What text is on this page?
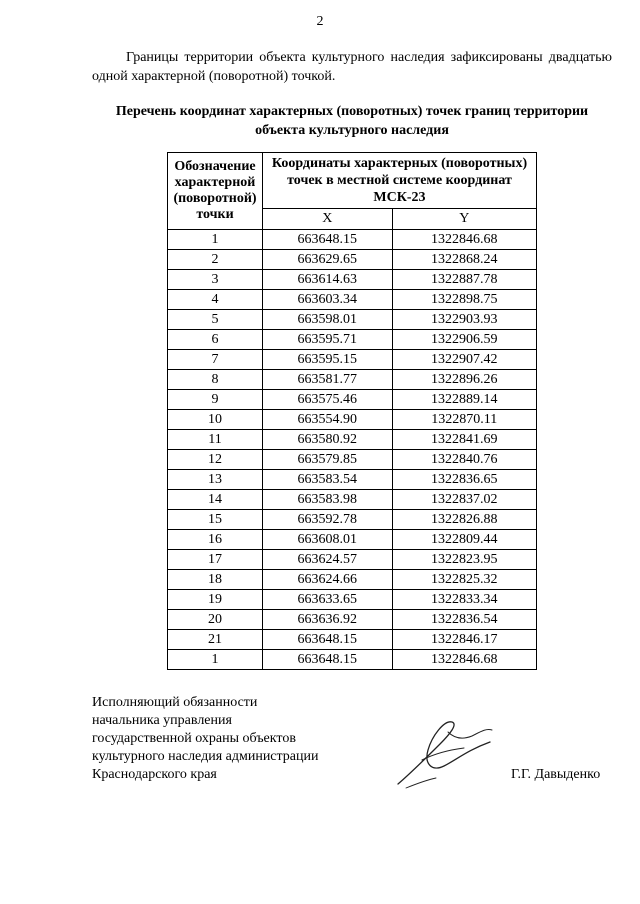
2

Границы территории объекта культурного наследия зафиксированы двадцатью одной характерной (поворотной) точкой.

Перечень координат характерных (поворотных) точек границ территории объекта культурного наследия

Обозначение характерной (поворотной) точки	Координаты характерных (поворотных) точек в местной системе координат МСК-23	
	X	Y
1	663648.15	1322846.68
2	663629.65	1322868.24
3	663614.63	1322887.78
4	663603.34	1322898.75
5	663598.01	1322903.93
6	663595.71	1322906.59
7	663595.15	1322907.42
8	663581.77	1322896.26
9	663575.46	1322889.14
10	663554.90	1322870.11
11	663580.92	1322841.69
12	663579.85	1322840.76
13	663583.54	1322836.65
14	663583.98	1322837.02
15	663592.78	1322826.88
16	663608.01	1322809.44
17	663624.57	1322823.95
18	663624.66	1322825.32
19	663633.65	1322833.34
20	663636.92	1322836.54
21	663648.15	1322846.17
1	663648.15	1322846.68
Исполняющий обязанности
начальника управления
государственной охраны объектов
культурного наследия администрации
Краснодарского края	Г.Г. Давыденко
